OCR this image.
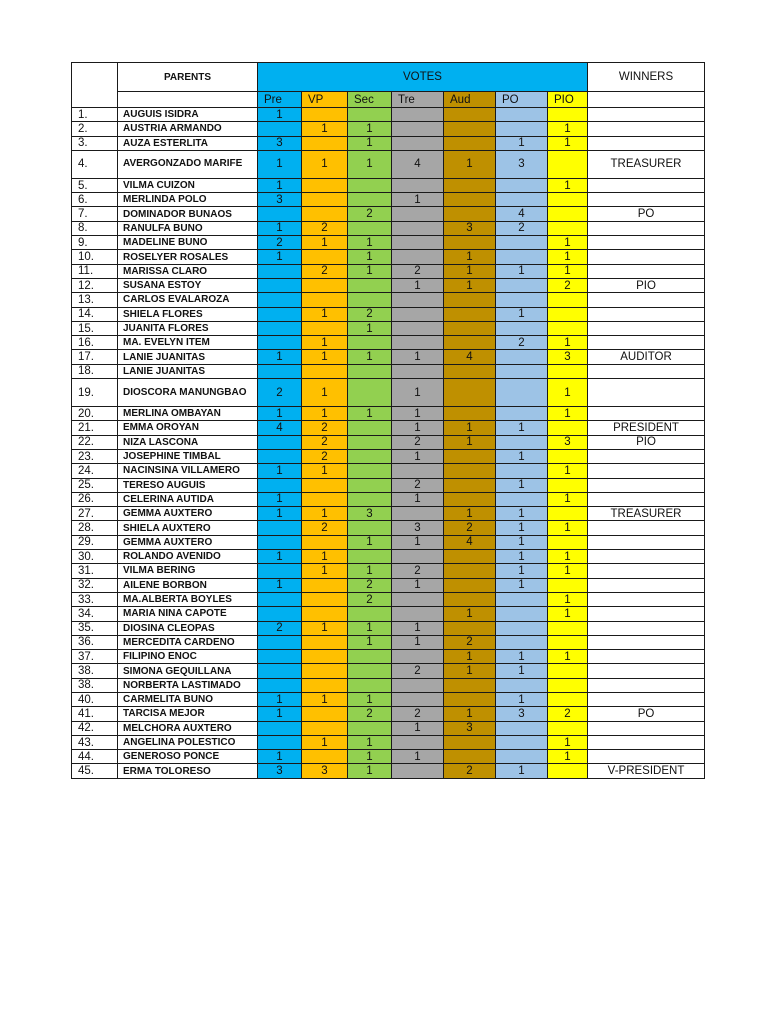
	PARENTS	VOTES							WINNERS
		Pre	VP	Sec	Tre	Aud	PO	PIO	
1.	AUGUIS ISIDRA	1							
2.	AUSTRIA ARMANDO		1	1				1	
3.	AUZA ESTERLITA	3		1			1	1	
4.	AVERGONZADO MARIFE	1	1	1	4	1	3		TREASURER
5.	VILMA CUIZON	1						1	
6.	MERLINDA POLO	3			1				
7.	DOMINADOR BUNAOS			2			4		PO
8.	RANULFA BUNO	1	2			3	2		
9.	MADELINE BUNO	2	1	1				1	
10.	ROSELYER ROSALES	1		1		1		1	
11.	MARISSA CLARO		2	1	2	1	1	1	
12.	SUSANA ESTOY				1	1		2	PIO
13.	CARLOS EVALAROZA								
14.	SHIELA FLORES		1	2			1		
15.	JUANITA FLORES			1					
16.	MA. EVELYN ITEM		1				2	1	
17.	LANIE JUANITAS	1	1	1	1	4		3	AUDITOR
18.	LANIE JUANITAS								
19.	DIOSCORA MANUNGBAO	2	1		1			1	
20.	MERLINA OMBAYAN	1	1	1	1			1	
21.	EMMA OROYAN	4	2		1	1	1		PRESIDENT
22.	NIZA LASCONA		2		2	1		3	PIO
23.	JOSEPHINE TIMBAL		2		1		1		
24.	NACINSINA VILLAMERO	1	1					1	
25.	TERESO AUGUIS				2		1		
26.	CELERINA AUTIDA	1			1			1	
27.	GEMMA AUXTERO	1	1	3		1	1		TREASURER
28.	SHIELA AUXTERO		2		3	2	1	1	
29.	GEMMA AUXTERO			1	1	4	1		
30.	ROLANDO AVENIDO	1	1				1	1	
31.	VILMA BERING		1	1	2		1	1	
32.	AILENE BORBON	1		2	1		1		
33.	MA.ALBERTA BOYLES			2				1	
34.	MARIA NINA CAPOTE					1		1	
35.	DIOSINA CLEOPAS	2	1	1	1				
36.	MERCEDITA CARDENO			1	1	2			
37.	FILIPINO ENOC					1	1	1	
38.	SIMONA GEQUILLANA				2	1	1		
38.	NORBERTA LASTIMADO								
40.	CARMELITA BUNO	1	1	1			1		
41.	TARCISA MEJOR	1		2	2	1	3	2	PO
42.	MELCHORA AUXTERO				1	3			
43.	ANGELINA POLESTICO		1	1				1	
44.	GENEROSO PONCE	1		1	1			1	
45.	ERMA TOLORESO	3	3	1		2	1		V-PRESIDENT
